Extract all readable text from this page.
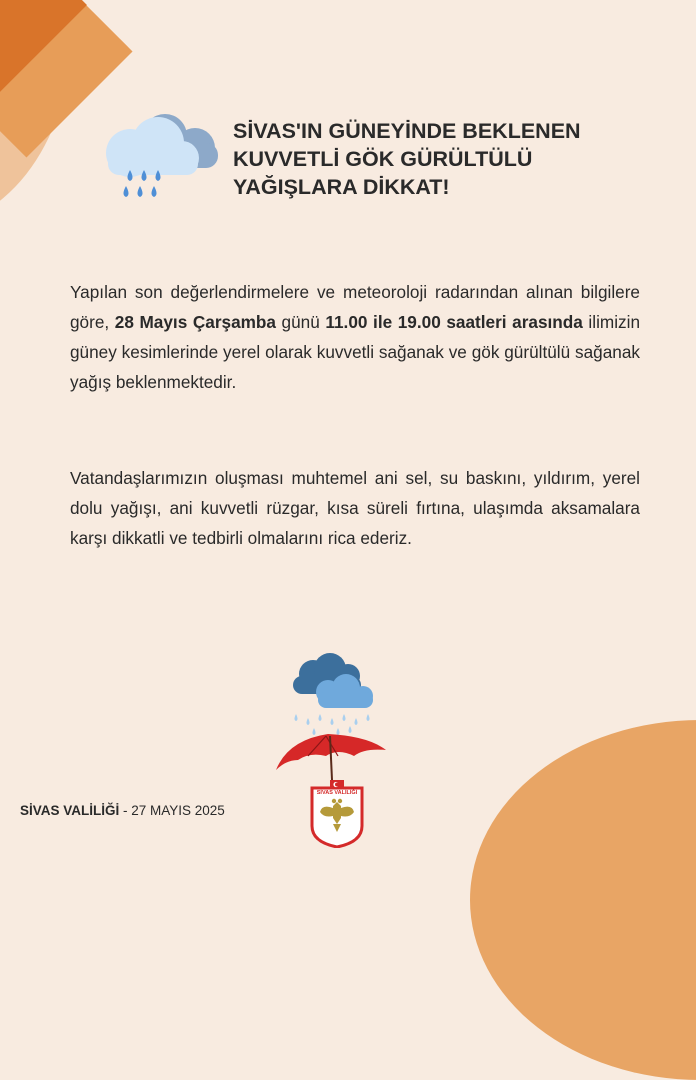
SİVAS'IN GÜNEYİNDE BEKLENEN
KUVVETLİ GÖK GÜRÜLTÜLÜ
YAĞIŞLARA DİKKAT!

Yapılan son değerlendirmelere ve meteoroloji radarından alınan bilgilere göre, 28 Mayıs Çarşamba günü 11.00 ile 19.00 saatleri arasında ilimizin güney kesimlerinde yerel olarak kuvvetli sağanak ve gök gürültülü sağanak yağış beklenmektedir.

Vatandaşlarımızın oluşması muhtemel ani sel, su baskını, yıldırım, yerel dolu yağışı, ani kuvvetli rüzgar, kısa süreli fırtına, ulaşımda aksamalara karşı dikkatli ve tedbirli olmalarını rica ederiz.

SİVAS VALİLİĞİ
SİVAS VALİLİĞİ - 27 MAYIS 2025
